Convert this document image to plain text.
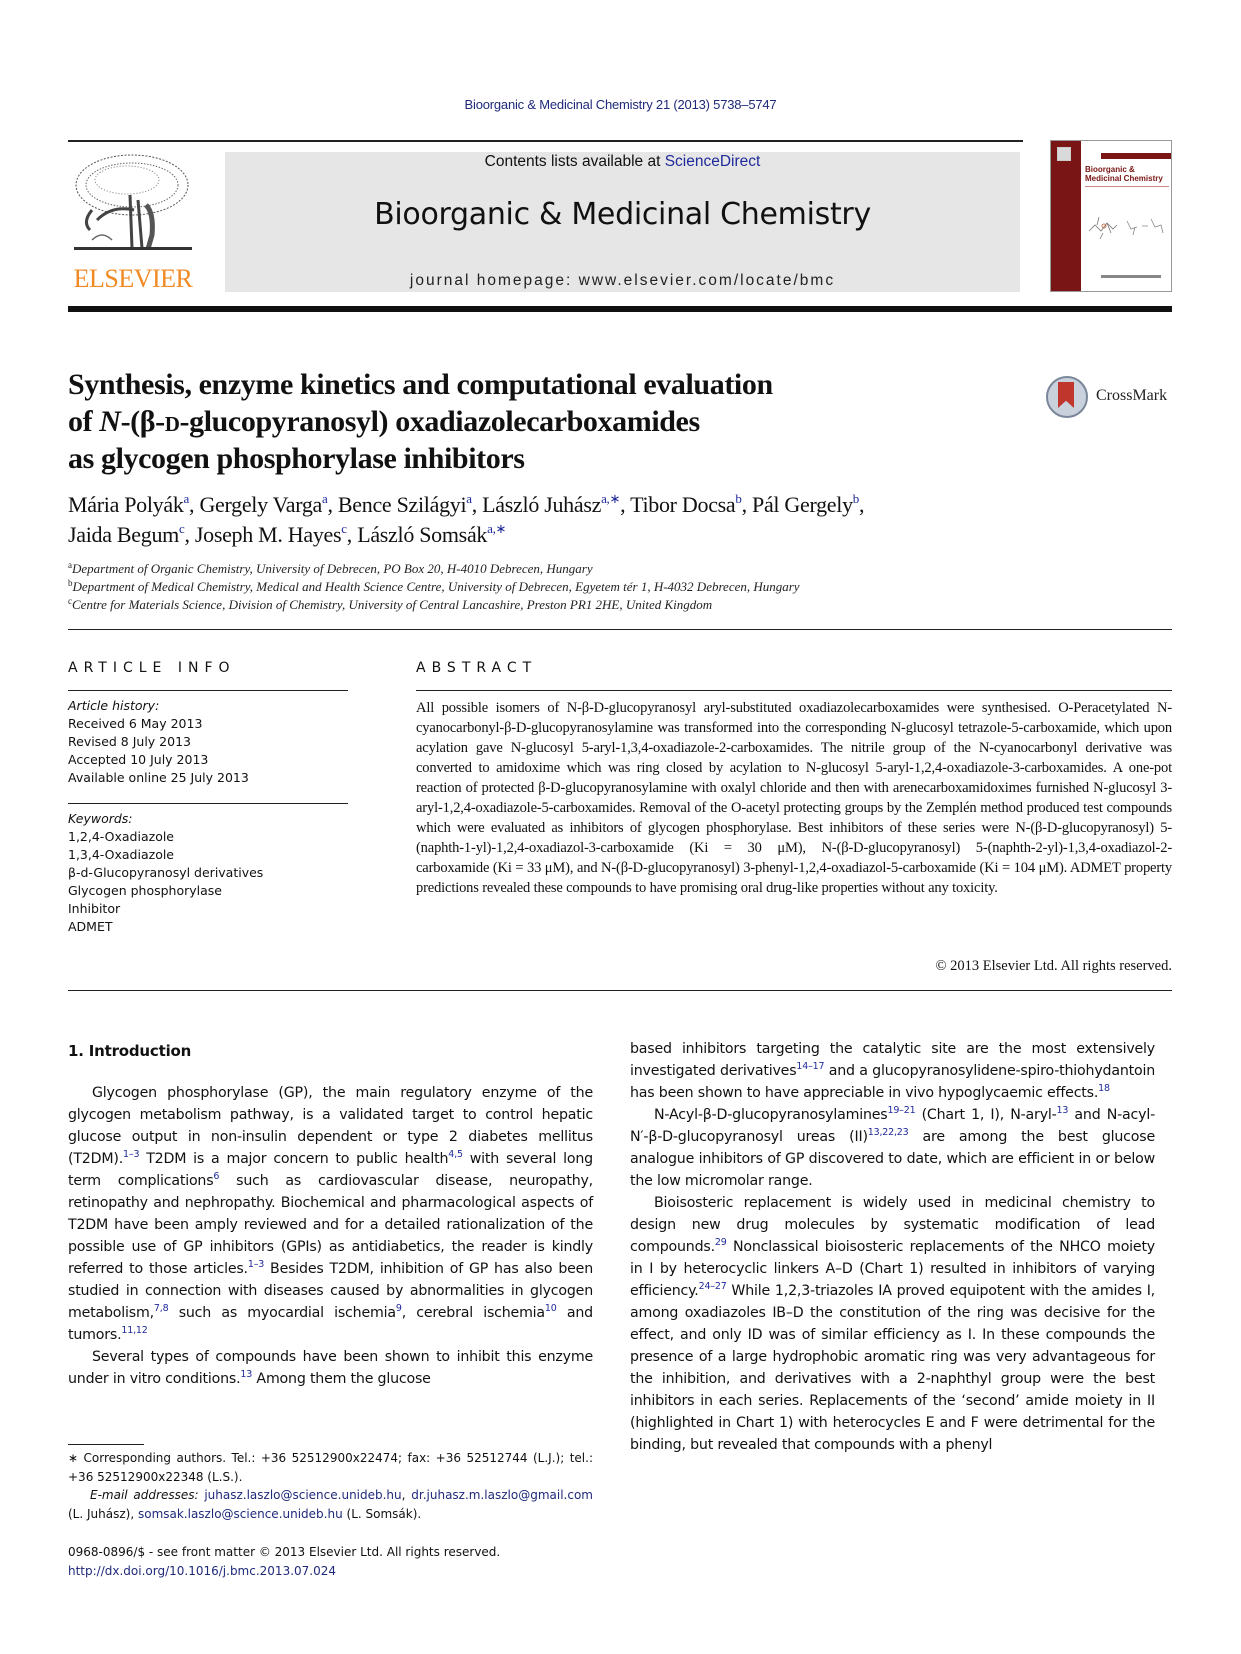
Bioorganic & Medicinal Chemistry 21 (2013) 5738–5747
ELSEVIER
Contents lists available at ScienceDirect
Bioorganic & Medicinal Chemistry
journal homepage: www.elsevier.com/locate/bmc
Bioorganic & Medicinal Chemistry
Synthesis, enzyme kinetics and computational evaluation
of N-(β-d-glucopyranosyl) oxadiazolecarboxamides
as glycogen phosphorylase inhibitors
CrossMark
Mária Polyák$^a$, Gergely Varga$^a$, Bence Szilágyi$^a$, László Juhász$^{a,∗}$, Tibor Docsa$^b$, Pál Gergely$^b$,
Jaida Begum$^c$, Joseph M. Hayes$^c$, László Somsák$^{a,∗}$
$^a$Department of Organic Chemistry, University of Debrecen, PO Box 20, H-4010 Debrecen, Hungary
$^b$Department of Medical Chemistry, Medical and Health Science Centre, University of Debrecen, Egyetem tér 1, H-4032 Debrecen, Hungary
$^c$Centre for Materials Science, Division of Chemistry, University of Central Lancashire, Preston PR1 2HE, United Kingdom
ARTICLE INFO
Article history:
Received 6 May 2013
Revised 8 July 2013
Accepted 10 July 2013
Available online 25 July 2013
Keywords:
1,2,4-Oxadiazole
1,3,4-Oxadiazole
β-d-Glucopyranosyl derivatives
Glycogen phosphorylase
Inhibitor
ADMET
ABSTRACT

All possible isomers of N-β-D-glucopyranosyl aryl-substituted oxadiazolecarboxamides were synthesised. O-Peracetylated N-cyanocarbonyl-β-D-glucopyranosylamine was transformed into the corresponding N-glucosyl tetrazole-5-carboxamide, which upon acylation gave N-glucosyl 5-aryl-1,3,4-oxadiazole-2-carboxamides. The nitrile group of the N-cyanocarbonyl derivative was converted to amidoxime which was ring closed by acylation to N-glucosyl 5-aryl-1,2,4-oxadiazole-3-carboxamides. A one-pot reaction of protected β-D-glucopyranosylamine with oxalyl chloride and then with arenecarboxamidoximes furnished N-glucosyl 3-aryl-1,2,4-oxadiazole-5-carboxamides. Removal of the O-acetyl protecting groups by the Zemplén method produced test compounds which were evaluated as inhibitors of glycogen phosphorylase. Best inhibitors of these series were N-(β-D-glucopyranosyl) 5-(naphth-1-yl)-1,2,4-oxadiazol-3-carboxamide (Ki = 30 μM), N-(β-D-glucopyranosyl) 5-(naphth-2-yl)-1,3,4-oxadiazol-2-carboxamide (Ki = 33 μM), and N-(β-D-glucopyranosyl) 3-phenyl-1,2,4-oxadiazol-5-carboxamide (Ki = 104 μM). ADMET property predictions revealed these compounds to have promising oral drug-like properties without any toxicity.

© 2013 Elsevier Ltd. All rights reserved.
1. Introduction

Glycogen phosphorylase (GP), the main regulatory enzyme of the glycogen metabolism pathway, is a validated target to control hepatic glucose output in non-insulin dependent or type 2 diabetes mellitus (T2DM).$^{1-3}$ T2DM is a major concern to public health$^{4,5}$ with several long term complications$^6$ such as cardiovascular disease, neuropathy, retinopathy and nephropathy. Biochemical and pharmacological aspects of T2DM have been amply reviewed and for a detailed rationalization of the possible use of GP inhibitors (GPIs) as antidiabetics, the reader is kindly referred to those articles.$^{1-3}$ Besides T2DM, inhibition of GP has also been studied in connection with diseases caused by abnormalities in glycogen metabolism,$^{7,8}$ such as myocardial ischemia$^9$, cerebral ischemia$^{10}$ and tumors.$^{11,12}$

Several types of compounds have been shown to inhibit this enzyme under in vitro conditions.$^{13}$ Among them the glucose

based inhibitors targeting the catalytic site are the most extensively investigated derivatives$^{14-17}$ and a glucopyranosylidene-spiro-thiohydantoin has been shown to have appreciable in vivo hypoglycaemic effects.$^{18}$

N-Acyl-β-D-glucopyranosylamines$^{19-21}$ (Chart 1, I), N-aryl-$^{13}$ and N-acyl-N′-β-D-glucopyranosyl ureas (II)$^{13,22,23}$ are among the best glucose analogue inhibitors of GP discovered to date, which are efficient in or below the low micromolar range.

Bioisosteric replacement is widely used in medicinal chemistry to design new drug molecules by systematic modification of lead compounds.$^{29}$ Nonclassical bioisosteric replacements of the NHCO moiety in I by heterocyclic linkers A–D (Chart 1) resulted in inhibitors of varying efficiency.$^{24-27}$ While 1,2,3-triazoles IA proved equipotent with the amides I, among oxadiazoles IB–D the constitution of the ring was decisive for the effect, and only ID was of similar efficiency as I. In these compounds the presence of a large hydrophobic aromatic ring was very advantageous for the inhibition, and derivatives with a 2-naphthyl group were the best inhibitors in each series. Replacements of the ‘second’ amide moiety in II (highlighted in Chart 1) with heterocycles E and F were detrimental for the binding, but revealed that compounds with a phenyl

∗ Corresponding authors. Tel.: +36 52512900x22474; fax: +36 52512744 (L.J.); tel.: +36 52512900x22348 (L.S.).
E-mail addresses: juhasz.laszlo@science.unideb.hu, dr.juhasz.m.laszlo@gmail.com (L. Juhász), somsak.laszlo@science.unideb.hu (L. Somsák).
0968-0896/$ - see front matter © 2013 Elsevier Ltd. All rights reserved.
http://dx.doi.org/10.1016/j.bmc.2013.07.024
